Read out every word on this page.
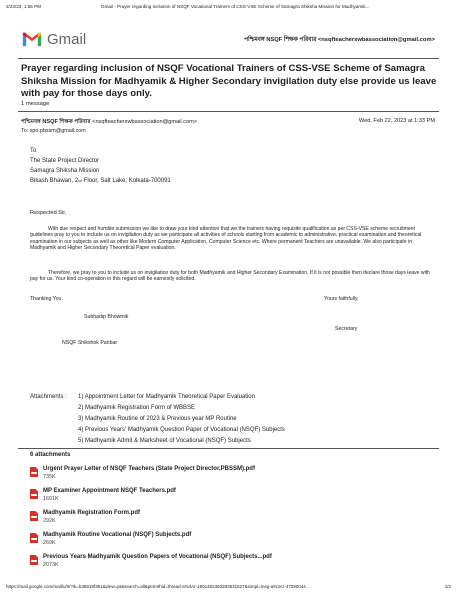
2/23/23, 1:55 PM	Gmail - Prayer regarding inclusion of NSQF Vocational Trainers of CSS-VSE Scheme of Samagra Shiksha Mission for Madhyamik...
Gmail	পশ্চিমবঙ্গ NSQF শিক্ষক পরিবার <nsqfteacherswbassociation@gmail.com>
Prayer regarding inclusion of NSQF Vocational Trainers of CSS-VSE Scheme of Samagra Shiksha Mission for Madhyamik & Higher Secondary invigilation duty else provide us leave with pay for those days only.
1 message
পশ্চিমবঙ্গ NSQF শিক্ষক পরিবার <nsqfteacherswbassociation@gmail.com>	Wed, Feb 22, 2023 at 1:33 PM
To: spo.pbssm@gmail.com
To
The State Project Director
Samagra Shiksha Mission
Bikash Bhawan, 2nd Floor, Salt Lake, Kolkata-700091
Respected Sir,
With due respect and humble submission we like to draw your kind attention that we the trainers having requisite qualification as per CSS-VSE scheme recruitment guidelines pray to you to include us on invigilation duty as we participate all activities of schools starting from academic to administrative, practical examination and theoretical examination in our subjects as well as other like Modern Computer Application, Computer Science etc. Where permanent Teachers are unavailable. We also participate in Madhyamik and Higher Secondary Theoretical Paper evaluation.
Therefore, we pray to you to include us on invigilation duty for both Madhyamik and Higher Secondary Examination. If it is not possible then declare those days leave with pay for us. Your kind co-operation in this regard will be earnestly solicited.
Thanking You.	Yours faithfully,
Subhadip Bhowmik
Secretary
NSQF Shikshok Paribar
Attachments : 1) Appointment Letter for Madhyamik Theoretical Paper Evaluation
2) Madhyamik Registration Form of WBBSE
3) Madhyamik Routine of 2023 & Previous year MP Routine
4) Previous Years' Madhyamik Question Paper of Vocational (NSQF) Subjects
5) Madhyamik Admit & Marksheet of Vocational (NSQF) Subjects
6 attachments
Urgent Prayer Letter of NSQF Teachers (State Project Director,PBSSM).pdf
735K
MP Examiner Appointment NSQF Teachers.pdf
1691K
Madhyamik Registration Form.pdf
292K
Madhyamik Routine Vocational (NSQF) Subjects.pdf
269K
Previous Years Madhyamik Question Papers of Vocational (NSQF) Subjects...pdf
2073K
https://mail.google.com/mail/u/0/?ik=b35919f381&view=pt&search=all&permthid=thread-a%3Ar-1901462360283631627&simpl=msg-a%3Ar-47290044...	1/2
